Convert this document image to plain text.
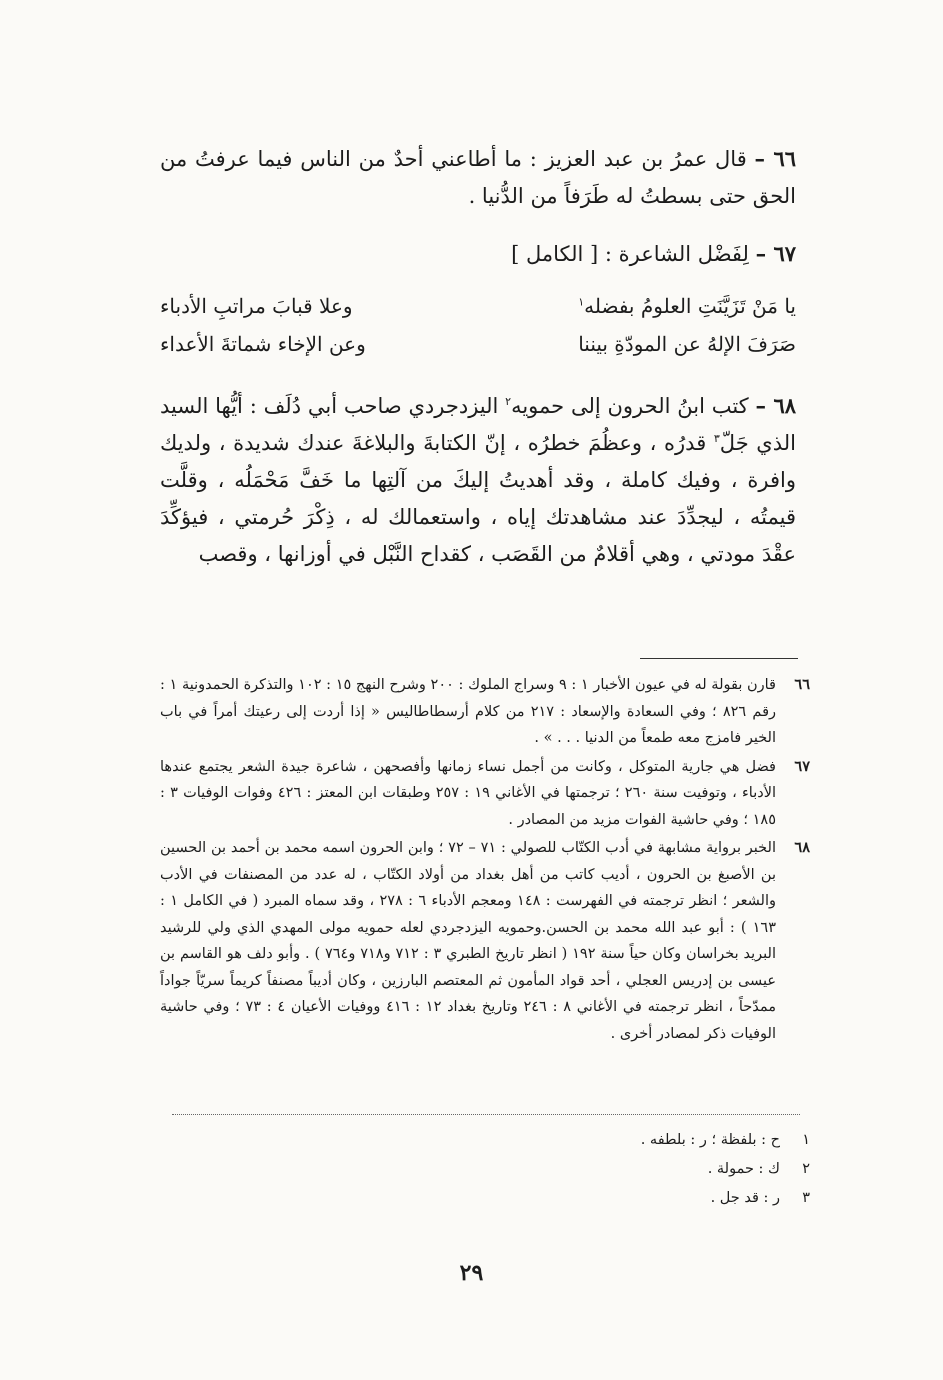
٦٦ – قال عمرُ بن عبد العزيز : ما أطاعني أحدٌ من الناس فيما عرفتُ من الحق حتى بسطتُ له طَرَفاً من الدُّنيا .

٦٧ – لِفَضْل الشاعرة : [ الكامل ]

يا مَنْ تَزَيَّنَتِ العلومُ بفضله$^١$
وعلا قبابَ مراتبِ الأدباء
صَرَفَ الإلهُ عن المودّةِ بيننا
وعن الإخاء شماتةَ الأعداء

٦٨ – كتب ابنُ الحرون إلى حمويه$^٢$ اليزدجردي صاحب أبي دُلَف : أيُّها السيد الذي جَلّ$^٣$ قدرُه ، وعظُمَ خطرُه ، إنّ الكتابةَ والبلاغةَ عندك شديدة ، ولديك وافرة ، وفيك كاملة ، وقد أهديتُ إليكَ من آلتِها ما خَفَّ مَحْمَلُه ، وقلَّت قيمتُه ، ليجدِّدَ عند مشاهدتك إياه ، واستعمالك له ، ذِكْرَ حُرمتي ، فيؤكِّدَ عقْدَ مودتي ، وهي أقلامٌ من القَصَب ، كقداح النَّبْل في أوزانها ، وقصب

٦٦
قارن بقولة له في عيون الأخبار ١ : ٩ وسراج الملوك : ٢٠٠ وشرح النهج ١٥ : ١٠٢ والتذكرة الحمدونية ١ : رقم ٨٢٦ ؛ وفي السعادة والإسعاد : ٢١٧ من كلام أرسطاطاليس « إذا أردت إلى رعيتك أمراً في باب الخير فامزج معه طمعاً من الدنيا . . . » .
٦٧
فضل هي جارية المتوكل ، وكانت من أجمل نساء زمانها وأفصحهن ، شاعرة جيدة الشعر يجتمع عندها الأدباء ، وتوفيت سنة ٢٦٠ ؛ ترجمتها في الأغاني ١٩ : ٢٥٧ وطبقات ابن المعتز : ٤٢٦ وفوات الوفيات ٣ : ١٨٥ ؛ وفي حاشية الفوات مزيد من المصادر .
٦٨
الخبر برواية مشابهة في أدب الكتّاب للصولي : ٧١ – ٧٢ ؛ وابن الحرون اسمه محمد بن أحمد بن الحسين بن الأصبغ بن الحرون ، أديب كاتب من أهل بغداد من أولاد الكتّاب ، له عدد من المصنفات في الأدب والشعر ؛ انظر ترجمته في الفهرست : ١٤٨ ومعجم الأدباء ٦ : ٢٧٨ ، وقد سماه المبرد ( في الكامل ١ : ١٦٣ ) : أبو عبد الله محمد بن الحسن.وحمويه اليزدجردي لعله حمويه مولى المهدي الذي ولي للرشيد البريد بخراسان وكان حياً سنة ١٩٢ ( انظر تاريخ الطبري ٣ : ٧١٢ و٧١٨ و٧٦٤ ) . وأبو دلف هو القاسم بن عيسى بن إدريس العجلي ، أحد قواد المأمون ثم المعتصم البارزين ، وكان أديباً مصنفاً كريماً سريّاً جواداً ممدّحاً ، انظر ترجمته في الأغاني ٨ : ٢٤٦ وتاريخ بغداد ١٢ : ٤١٦ ووفيات الأعيان ٤ : ٧٣ ؛ وفي حاشية الوفيات ذكر لمصادر أخرى .
١
ح : بلفظة ؛ ر : بلطفه .
٢
ك : حمولة .
٣
ر : قد جل .
٢٩
